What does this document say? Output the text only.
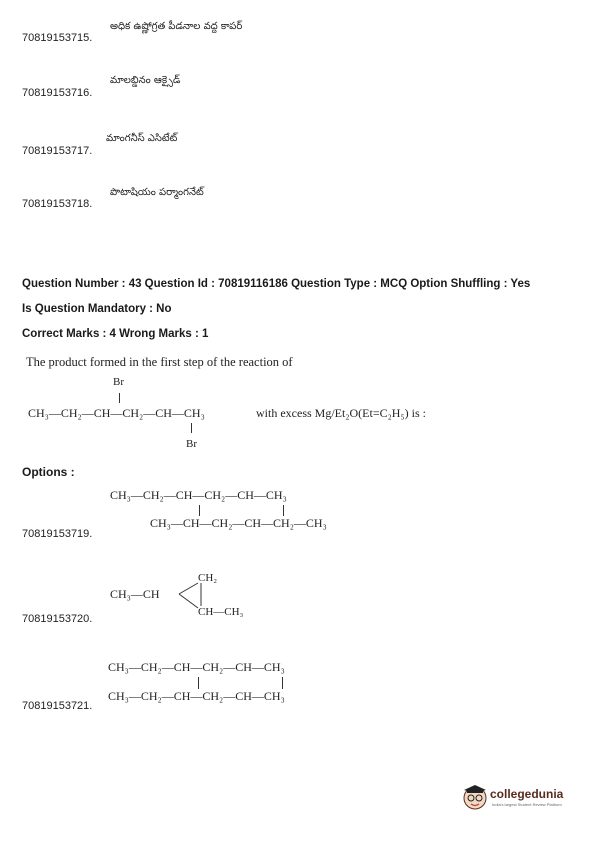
అధిక ఉష్ణోగ్రత పీడనాల వద్ద కాపర్
70819153715.
మాలబ్డినం ఆక్సైడ్
70819153716.
మాంగనీస్ ఎసిటేట్
70819153717.
పొటాషియం పర్మాంగనేట్
70819153718.
Question Number : 43 Question Id : 70819116186 Question Type : MCQ Option Shuffling : Yes
Is Question Mandatory : No
Correct Marks : 4 Wrong Marks : 1
The product formed in the first step of the reaction of
Br
CH₃—CH₂—CH—CH₂—CH—CH₃	with excess Mg/Et₂O(Et=C₂H₅) is :
Br
Options :
CH₃—CH₂—CH—CH₂—CH—CH₃
CH₃—CH—CH₂—CH—CH₂—CH₃
70819153719.
CH₂
CH₃—CH
CH—CH₃
70819153720.
CH₃—CH₂—CH—CH₂—CH—CH₃
CH₃—CH₂—CH—CH₂—CH—CH₃
70819153721.
collegedunia
India's largest Student Review Platform
